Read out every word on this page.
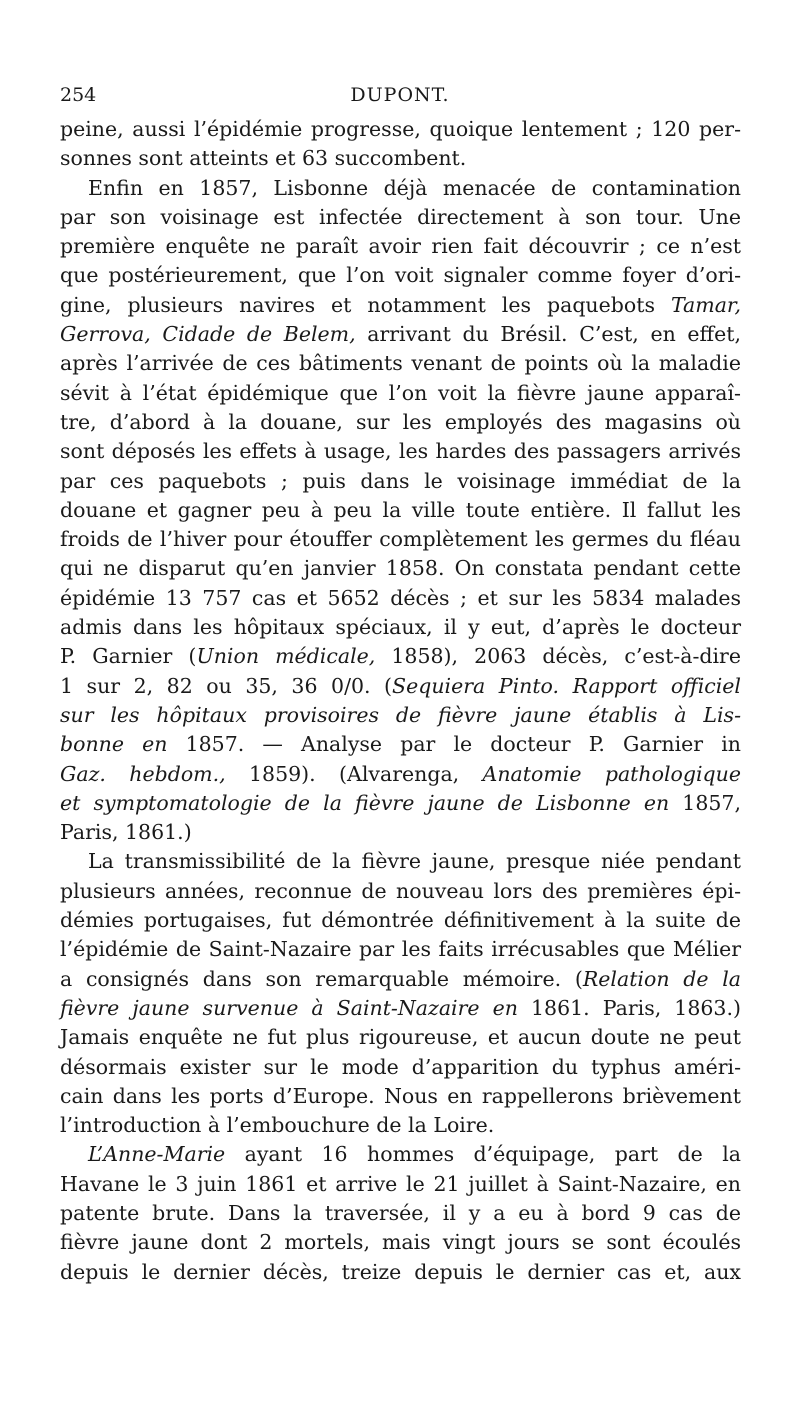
254	DUPONT.
peine, aussi l’épidémie progresse, quoique lentement ; 120 per-
sonnes sont atteints et 63 succombent.
Enfin en 1857, Lisbonne déjà menacée de contamination
par son voisinage est infectée directement à son tour. Une
première enquête ne paraît avoir rien fait découvrir ; ce n’est
que postérieurement, que l’on voit signaler comme foyer d’ori-
gine, plusieurs navires et notamment les paquebots Tamar,
Gerrova, Cidade de Belem, arrivant du Brésil. C’est, en effet,
après l’arrivée de ces bâtiments venant de points où la maladie
sévit à l’état épidémique que l’on voit la fièvre jaune apparaî-
tre, d’abord à la douane, sur les employés des magasins où
sont déposés les effets à usage, les hardes des passagers arrivés
par ces paquebots ; puis dans le voisinage immédiat de la
douane et gagner peu à peu la ville toute entière. Il fallut les
froids de l’hiver pour étouffer complètement les germes du fléau
qui ne disparut qu’en janvier 1858. On constata pendant cette
épidémie 13 757 cas et 5652 décès ; et sur les 5834 malades
admis dans les hôpitaux spéciaux, il y eut, d’après le docteur
P. Garnier (Union médicale, 1858), 2063 décès, c’est-à-dire
1 sur 2, 82 ou 35, 36 0/0. (Sequiera Pinto. Rapport officiel
sur les hôpitaux provisoires de fièvre jaune établis à Lis-
bonne en 1857. — Analyse par le docteur P. Garnier in
Gaz. hebdom., 1859). (Alvarenga, Anatomie pathologique
et symptomatologie de la fièvre jaune de Lisbonne en 1857,
Paris, 1861.)
La transmissibilité de la fièvre jaune, presque niée pendant
plusieurs années, reconnue de nouveau lors des premières épi-
démies portugaises, fut démontrée définitivement à la suite de
l’épidémie de Saint-Nazaire par les faits irrécusables que Mélier
a consignés dans son remarquable mémoire. (Relation de la
fièvre jaune survenue à Saint-Nazaire en 1861. Paris, 1863.)
Jamais enquête ne fut plus rigoureuse, et aucun doute ne peut
désormais exister sur le mode d’apparition du typhus améri-
cain dans les ports d’Europe. Nous en rappellerons brièvement
l’introduction à l’embouchure de la Loire.
L’Anne-Marie ayant 16 hommes d’équipage, part de la
Havane le 3 juin 1861 et arrive le 21 juillet à Saint-Nazaire, en
patente brute. Dans la traversée, il y a eu à bord 9 cas de
fièvre jaune dont 2 mortels, mais vingt jours se sont écoulés
depuis le dernier décès, treize depuis le dernier cas et, aux
